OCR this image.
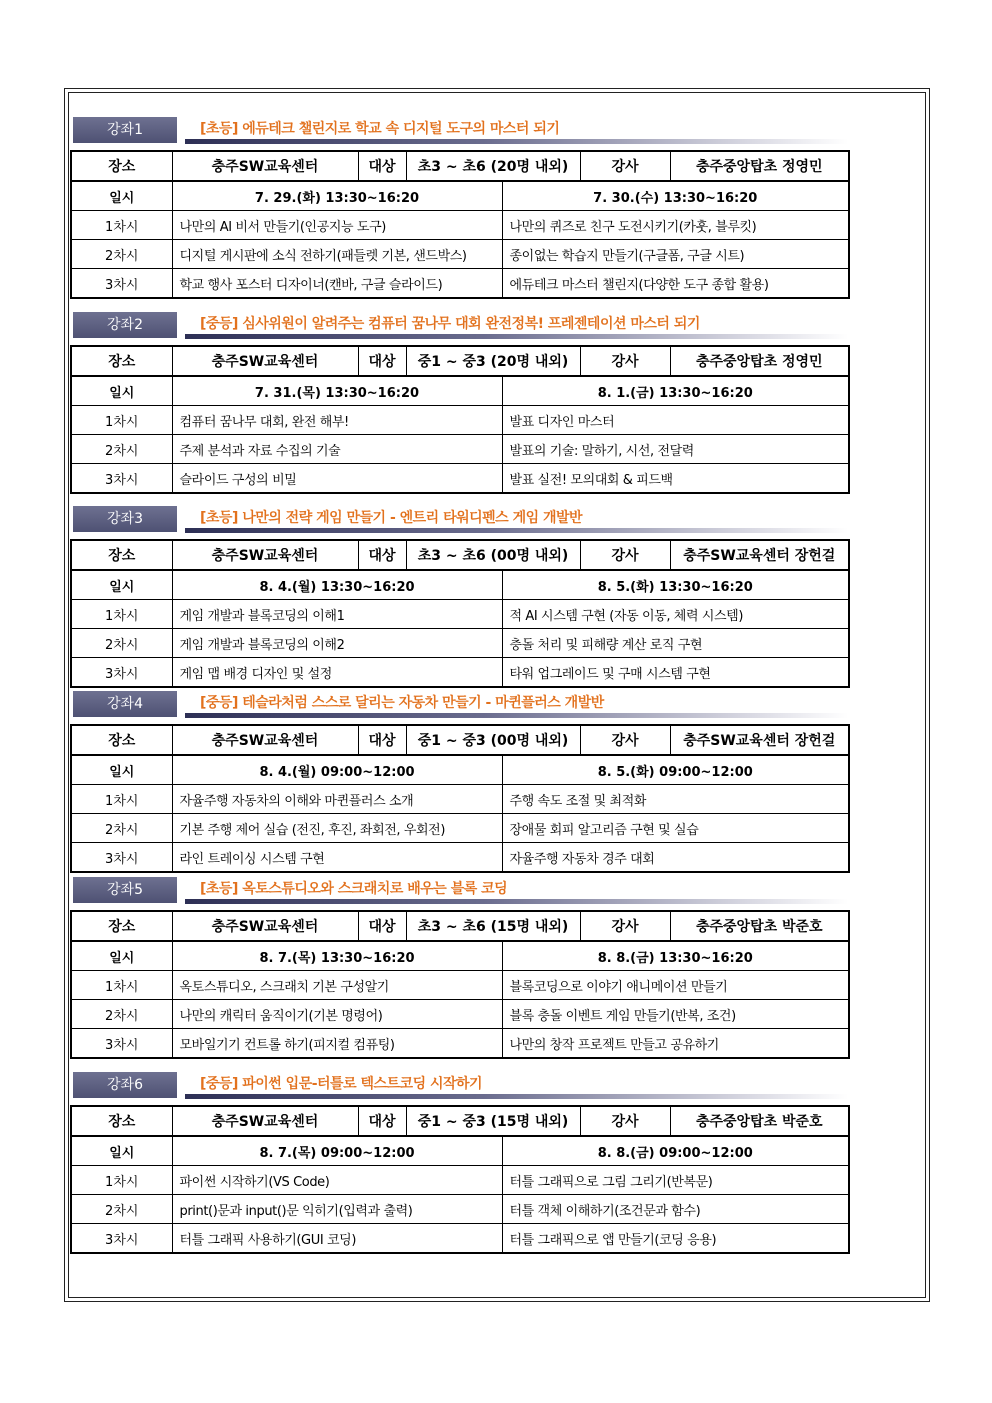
강좌1	[초등] 에듀테크 챌린지로 학교 속 디지털 도구의 마스터 되기
장소	충주SW교육센터	대상	초3 ~ 초6 (20명 내외)		강사	충주중앙탑초 정영민
일시	7. 29.(화) 13:30~16:20			7. 30.(수) 13:30~16:20		
1차시	나만의 AI 비서 만들기(인공지능 도구)			나만의 퀴즈로 친구 도전시키기(카훗, 블루킷)		
2차시	디지털 게시판에 소식 전하기(패들렛 기본, 샌드박스)			종이없는 학습지 만들기(구글폼, 구글 시트)		
3차시	학교 행사 포스터 디자이너(캔바, 구글 슬라이드)			에듀테크 마스터 챌린지(다양한 도구 종합 활용)		
강좌2	[중등] 심사위원이 알려주는 컴퓨터 꿈나무 대회 완전정복! 프레젠테이션 마스터 되기
장소	충주SW교육센터	대상	중1 ~ 중3 (20명 내외)		강사	충주중앙탑초 정영민
일시	7. 31.(목) 13:30~16:20			8. 1.(금) 13:30~16:20		
1차시	컴퓨터 꿈나무 대회, 완전 해부!			발표 디자인 마스터		
2차시	주제 분석과 자료 수집의 기술			발표의 기술: 말하기, 시선, 전달력		
3차시	슬라이드 구성의 비밀			발표 실전! 모의대회 & 피드백		
강좌3	[초등] 나만의 전략 게임 만들기 - 엔트리 타워디펜스 게임 개발반
장소	충주SW교육센터	대상	초3 ~ 초6 (00명 내외)		강사	충주SW교육센터 장헌걸
일시	8. 4.(월) 13:30~16:20			8. 5.(화) 13:30~16:20		
1차시	게임 개발과 블록코딩의 이해1			적 AI 시스템 구현 (자동 이동, 체력 시스템)		
2차시	게임 개발과 블록코딩의 이해2			충돌 처리 및 피해량 계산 로직 구현		
3차시	게임 맵 배경 디자인 및 설정			타워 업그레이드 및 구매 시스템 구현		
강좌4	[중등] 테슬라처럼 스스로 달리는 자동차 만들기 - 마퀸플러스 개발반
장소	충주SW교육센터	대상	중1 ~ 중3 (00명 내외)		강사	충주SW교육센터 장헌걸
일시	8. 4.(월) 09:00~12:00			8. 5.(화) 09:00~12:00		
1차시	자율주행 자동차의 이해와 마퀸플러스 소개			주행 속도 조절 및 최적화		
2차시	기본 주행 제어 실습 (전진, 후진, 좌회전, 우회전)			장애물 회피 알고리즘 구현 및 실습		
3차시	라인 트레이싱 시스템 구현			자율주행 자동차 경주 대회		
강좌5	[초등] 옥토스튜디오와 스크래치로 배우는 블록 코딩
장소	충주SW교육센터	대상	초3 ~ 초6 (15명 내외)		강사	충주중앙탑초 박준호
일시	8. 7.(목) 13:30~16:20			8. 8.(금) 13:30~16:20		
1차시	옥토스튜디오, 스크래치 기본 구성알기			블록코딩으로 이야기 애니메이션 만들기		
2차시	나만의 캐릭터 움직이기(기본 명령어)			블록 충돌 이벤트 게임 만들기(반복, 조건)		
3차시	모바일기기 컨트롤 하기(피지컬 컴퓨팅)			나만의 창작 프로젝트 만들고 공유하기		
강좌6	[중등] 파이썬 입문-터틀로 텍스트코딩 시작하기
장소	충주SW교육센터	대상	중1 ~ 중3 (15명 내외)		강사	충주중앙탑초 박준호
일시	8. 7.(목) 09:00~12:00			8. 8.(금) 09:00~12:00		
1차시	파이썬 시작하기(VS Code)			터틀 그래픽으로 그림 그리기(반복문)		
2차시	print()문과 input()문 익히기(입력과 출력)			터틀 객체 이해하기(조건문과 함수)		
3차시	터틀 그래픽 사용하기(GUI 코딩)			터틀 그래픽으로 앱 만들기(코딩 응용)		
